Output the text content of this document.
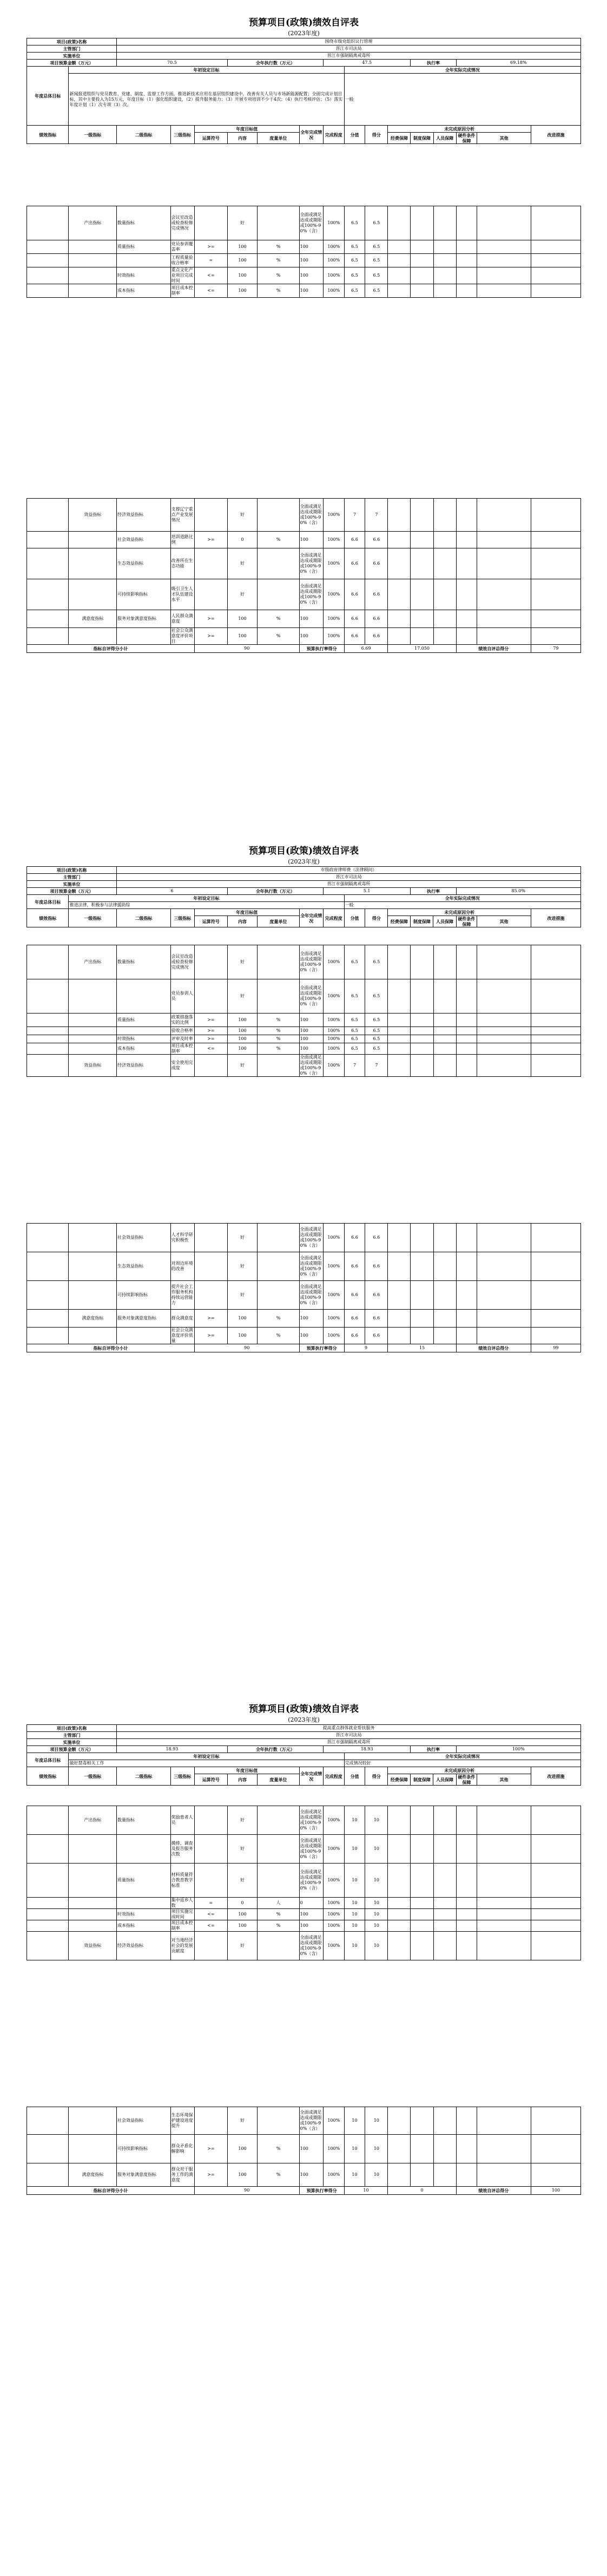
预算项目(政策)绩效自评表
(2023年度)
项目(政策)名称		围绕市级党组织议行管理														
主管部门		晋江市司法局														
实施单位		晋江市强制隔离戒毒所														
项目预算金额（万元）		70.5			全年执行数（万元）			47.5				执行率		69.18%		
年度总体目标	年初设定目标								全年实际完成情况							
	新闻报道组织与党员教育、党建、制度、监督工作方面，推进新技术应用在基层组织建设中，改善有关人员与市场新能源配置；全面完成计划目标，其中主要投入为15万元，年度目标（1）强化组织建设，（2）提升服务能力；（3）开展专项培训不少于4次；（4）执行考核评估；（5）落实年度计划（1）次专项（3）次。								一般							
绩效指标	一级指标	二级指标	三级指标	年度目标值			全年完成情况	完成程度	分值	得分	未完成原因分析					改进措施
				运算符号	内容	度量单位					经费保障	制度保障	人员保障	硬件条件保障	其他	
	产出指标	数量指标	会议室改造或检查检修完成情况		好		全面或满足达成或期限或100%-90%（含）	100%	6.5	6.5						
		质量指标	党员参训覆盖率	>=	100	%	100	100%	6.5	6.5						
			工程质量验收合格率	=	100	%	100	100%	6.5	6.5						
		时效指标	重点文化产业项目完成时间	<=	100	%	100	100%	6.5	6.5						
		成本指标	项目成本控制率	<=	100	%	100	100%	6.5	6.5						
	效益指标	经济效益指标	支撑辽宁重点产业发展情况		好		全面或满足达成或期限或100%-90%（含）	100%	7	7						
		社会效益指标	培训道路比例	>=	0	%	100	100%	6.6	6.6						
		生态效益指标	改善所在生态功能		好		全面或满足达成或期限或100%-90%（含）	100%	6.6	6.6						
		可持续影响指标	吸引卫生人才队伍建设水平		好		全面或满足达成或期限或100%-90%（含）	100%	6.6	6.6						
	满意度指标	服务对象满意度指标	人民群众满意度	>=	100	%	100	100%	6.6	6.6						
			社会公众满意度评价项目	>=	100	%	100	100%	6.6	6.6						
指标自评得分小计				90			预算执行率得分		6.69		17.050			绩效自评总得分		79
预算项目(政策)绩效自评表
(2023年度)
项目(政策)名称		市级政府律师费（法律顾问）														
主管部门		晋江市司法局														
实施单位		晋江市强制隔离戒毒所														
项目预算金额（万元）		6			全年执行数（万元）			5.1				执行率		85.0%		
年度总体目标	年初设定目标								全年实际完成情况							
	推进法律，积极参与法律援助综								一般							
绩效指标	一级指标	二级指标	三级指标	年度目标值			全年完成情况	完成程度	分值	得分	未完成原因分析					改进措施
				运算符号	内容	度量单位					经费保障	制度保障	人员保障	硬件条件保障	其他	
	产出指标	数量指标	会议室改造或检查检修完成情况		好		全面或满足达成或期限或100%-90%（含）	100%	6.5	6.5						
			党员参训人员		好		全面或满足达成或期限或100%-90%（含）	100%	6.5	6.5						
		质量指标	政策措施落实的比例	>=	100	%	100	100%	6.5	6.5						
			验收合格率	>=	100	%	100	100%	6.5	6.5						
		时效指标	评审及时率	>=	100	%	100	100%	6.5	6.5						
		成本指标	项目成本控制率	<=	100	%	100	100%	6.5	6.5						
	效益指标	经济效益指标	安全使用完成度		好		全面或满足达成或期限或100%-90%（含）	100%	7	7						
		社会效益指标	人才科学研究积极性		好		全面或满足达成或期限或100%-90%（含）	100%	6.6	6.6						
		生态效益指标	对周边环境的改善		好		全面或满足达成或期限或100%-90%（含）	100%	6.6	6.6						
		可持续影响指标	提升社会工作服务机构持续运营能力		好		全面或满足达成或期限或100%-90%（含）	100%	6.6	6.6						
	满意度指标	服务对象满意度指标	群众满意度	>=	100	%	100	100%	6.6	6.6						
			社会公众满意度评价质量	>=	100	%	100	100%	6.6	6.6						
指标自评得分小计				90			预算执行率得分		9		15			绩效自评总得分		99
预算项目(政策)绩效自评表
(2023年度)
项目(政策)名称		提高重点群体就业帮扶服务														
主管部门		晋江市司法局														
实施单位		晋江市强制隔离戒毒所														
项目预算金额（万元）		18.93			全年执行数（万元）			18.93				执行率		100%		
年度总体目标	年初设定目标								全年实际完成情况							
	做好禁毒相关工作								完成情况较好							
绩效指标	一级指标	二级指标	三级指标	年度目标值			全年完成情况	完成程度	分值	得分	未完成原因分析					改进措施
				运算符号	内容	度量单位					经费保障	制度保障	人员保障	硬件条件保障	其他	
	产出指标	数量指标	奖励患者人员		好		全面或满足达成或期限或100%-90%（含）	100%	10	10						
			摸排、调查及报告服务次数		好		全面或满足达成或期限或100%-90%（含）	100%	10	10						
		质量指标	材料质量符合教育教学标准		好		全面或满足达成或期限或100%-90%（含）	100%	10	10						
			集中返乡人数	=	0	人	0	100%	10	10						
		时效指标	项目实施完成时间	<=	100	%	100	100%	10	10						
		成本指标	项目成本控制率	<=	100	%	100	100%	10	10						
	效益指标	经济效益指标	对当地经济社会的发展贡献度		好		全面或满足达成或期限或100%-90%（含）	100%	10	10						
		社会效益指标	生态环境保护建设进度提升		好		全面或满足达成或期限或100%-90%（含）	100%	10	10						
		可持续影响指标	群众矛盾化解影响	>=	100	%	100	100%	10	10						
	满意度指标	服务对象满意度指标	群众对于服务工作的满意度	>=	100	%	100	100%	10	10						
指标自评得分小计				90			预算执行率得分		10		0			绩效自评总得分		100
